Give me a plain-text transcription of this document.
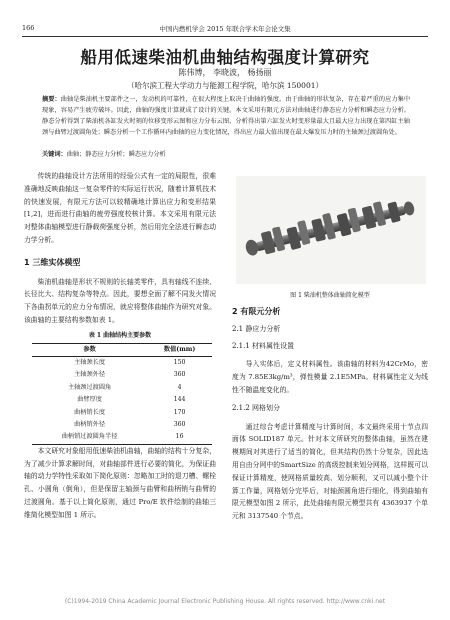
166	中国内燃机学会 2015 年联合学术年会论文集
船用低速柴油机曲轴结构强度计算研究
陈伟博， 李晓波， 杨扬丽
（哈尔滨工程大学动力与能源工程学院，哈尔滨 150001）
摘要：曲轴是柴油机主要部件之一，发动机的可靠性，在很大程度上取决于曲轴的强度。由于曲轴的形状复杂，存在着严重的应力集中现象，容易产生疲劳破坏。因此，曲轴的强度计算就成了设计的关键。本文采用有限元方法对曲轴进行静态应力分析和瞬态应力分析。静态分析得到了柴油机各缸发火时刻的位移变形云图和应力分布云图，分析得出第六缸发火时变形量最大且最大应力出现在第四缸主轴颈与曲臂过渡圆角处；瞬态分析一个工作循环内曲轴的应力变化情况，得出应力最大值出现在最大爆发压力时的主轴颈过渡圆角处。
关键词：曲轴；静态应力分析；瞬态应力分析

传统的曲轴设计方法所用的经验公式有一定的局限性，很难准确地反映曲轴这一复杂零件的实际运行状况，随着计算机技术的快速发展，有限元方法可以较精确地计算出应力和变形结果[1,2]，进而进行曲轴的疲劳强度校核计算。本文采用有限元法对整体曲轴模型进行静载荷强度分析，然后用完全法进行瞬态动力学分析。

1 三维实体模型

柴油机曲轴是形状不规则的长轴类零件，具有轴线不连续、长径比大、结构复杂等特点。因此，要想全面了解不同发火情况下各曲拐单元的应力分布情况，就应将整体曲轴作为研究对象。该曲轴的主要结构参数如表 1。

表 1 曲轴结构主要参数
参数	数值(mm)
主轴颈长度	150
主轴颈外径	360
主轴颈过渡圆角	4
曲臂厚度	144
曲柄销长度	170
曲柄销外径	360
曲柄销过渡圆角半径	16

本文研究对象船用低速柴油机曲轴，曲轴的结构十分复杂，为了减少计算求解时间，对曲轴部件进行必要的简化，为保证曲轴的动力学特性采取如下简化原则：忽略加工时的退刀槽、螺栓孔、小圆角（倒角），但是保留主轴颈与曲臂和曲柄销与曲臂的过渡圆角。基于以上简化原则，通过 Pro/E 软件绘制的曲轴三维简化模型如图 1 所示。

图 1 柴油机整体曲轴简化模型
2 有限元分析
2.1 静应力分析
2.1.1 材料属性设置

导入实体后，定义材料属性。该曲轴的材料为42CrMo，密度为 7.85E3kg/m³，弹性模量 2.1E5MPa。材料属性定义为线性不随温度变化的。

2.1.2 网格划分

通过综合考虑计算精度与计算时间，本文最终采用十节点四面体 SOLID187 单元。针对本文所研究的整体曲轴，虽然在建模期间对其进行了适当的简化，但其结构仍然十分复杂，因此选用自由分网中的SmartSize 的高级控制来划分网格，这样既可以保证计算精度，使网格质量较高、划分顺利，又可以减小整个计算工作量，网格划分完毕后，对轴颈圆角进行细化，得到曲轴有限元模型如图 2 所示，此处曲轴有限元模型共有 4363937 个单元和 3137540 个节点。

(C)1994-2019 China Academic Journal Electronic Publishing House. All rights reserved. http://www.cnki.net
